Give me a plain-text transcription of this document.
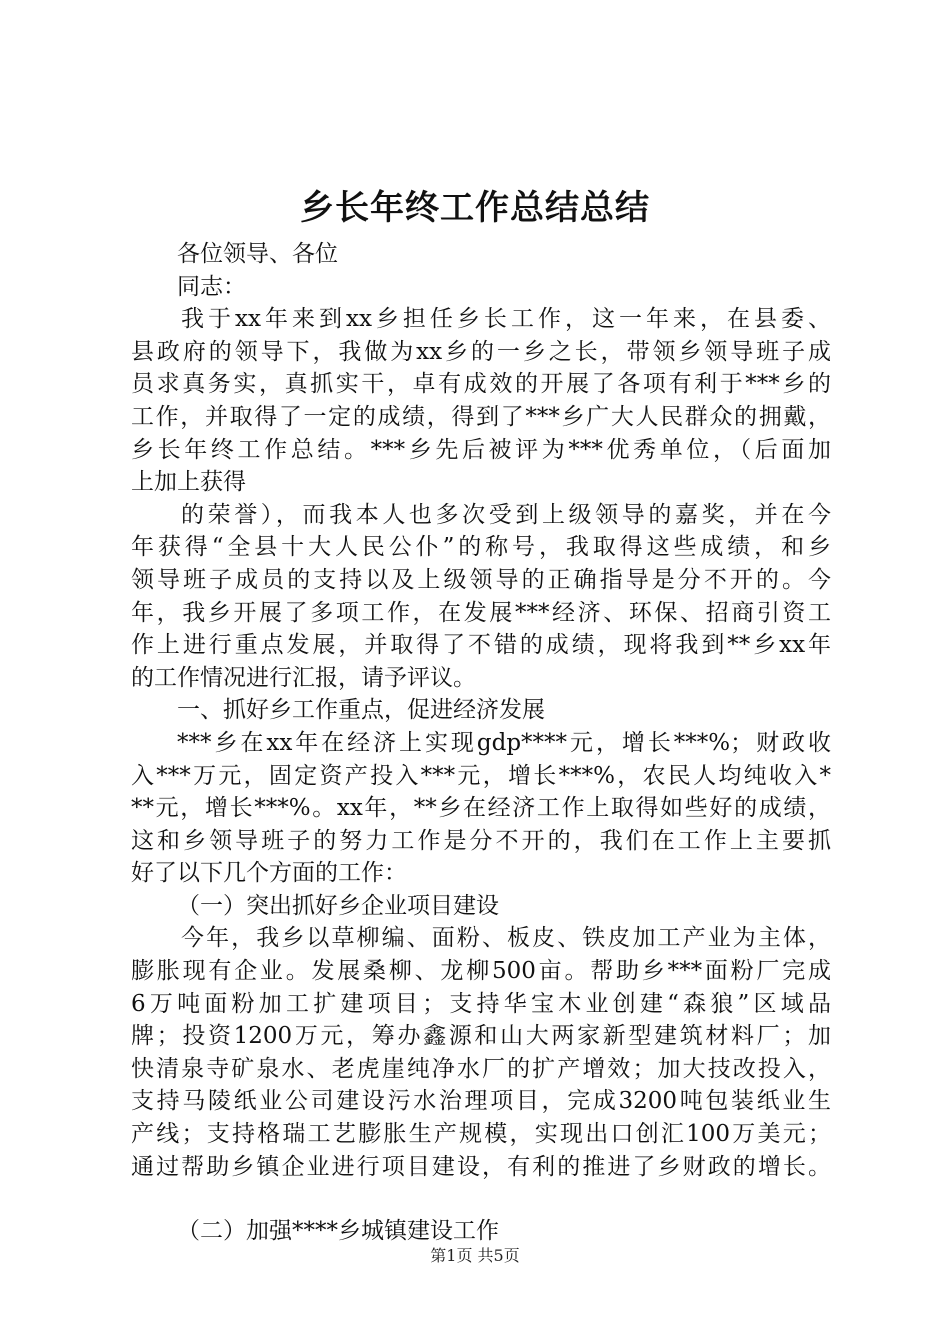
乡长年终工作总结总结
各位领导、各位
同志：
我于xx年来到xx乡担任乡长工作，这一年来，在县委、
县政府的领导下，我做为xx乡的一乡之长，带领乡领导班子成
员求真务实，真抓实干，卓有成效的开展了各项有利于***乡的
工作，并取得了一定的成绩，得到了***乡广大人民群众的拥戴，
乡长年终工作总结。***乡先后被评为***优秀单位，（后面加
上加上获得
的荣誉），而我本人也多次受到上级领导的嘉奖，并在今
年获得“全县十大人民公仆”的称号，我取得这些成绩，和乡
领导班子成员的支持以及上级领导的正确指导是分不开的。今
年，我乡开展了多项工作，在发展***经济、环保、招商引资工
作上进行重点发展，并取得了不错的成绩，现将我到**乡xx年
的工作情况进行汇报，请予评议。
一、抓好乡工作重点，促进经济发展
***乡在xx年在经济上实现gdp****元，增长***%；财政收
入***万元，固定资产投入***元，增长***%，农民人均纯收入*
**元，增长***%。xx年，**乡在经济工作上取得如些好的成绩，
这和乡领导班子的努力工作是分不开的，我们在工作上主要抓
好了以下几个方面的工作：
（一）突出抓好乡企业项目建设
今年，我乡以草柳编、面粉、板皮、铁皮加工产业为主体，
膨胀现有企业。发展桑柳、龙柳500亩。帮助乡***面粉厂完成
6万吨面粉加工扩建项目；支持华宝木业创建“森狼”区域品
牌；投资1200万元，筹办鑫源和山大两家新型建筑材料厂；加
快清泉寺矿泉水、老虎崖纯净水厂的扩产增效；加大技改投入，
支持马陵纸业公司建设污水治理项目，完成3200吨包装纸业生
产线；支持格瑞工艺膨胀生产规模，实现出口创汇100万美元；
通过帮助乡镇企业进行项目建设，有利的推进了乡财政的增长。
（二）加强****乡城镇建设工作
第1页 共5页
